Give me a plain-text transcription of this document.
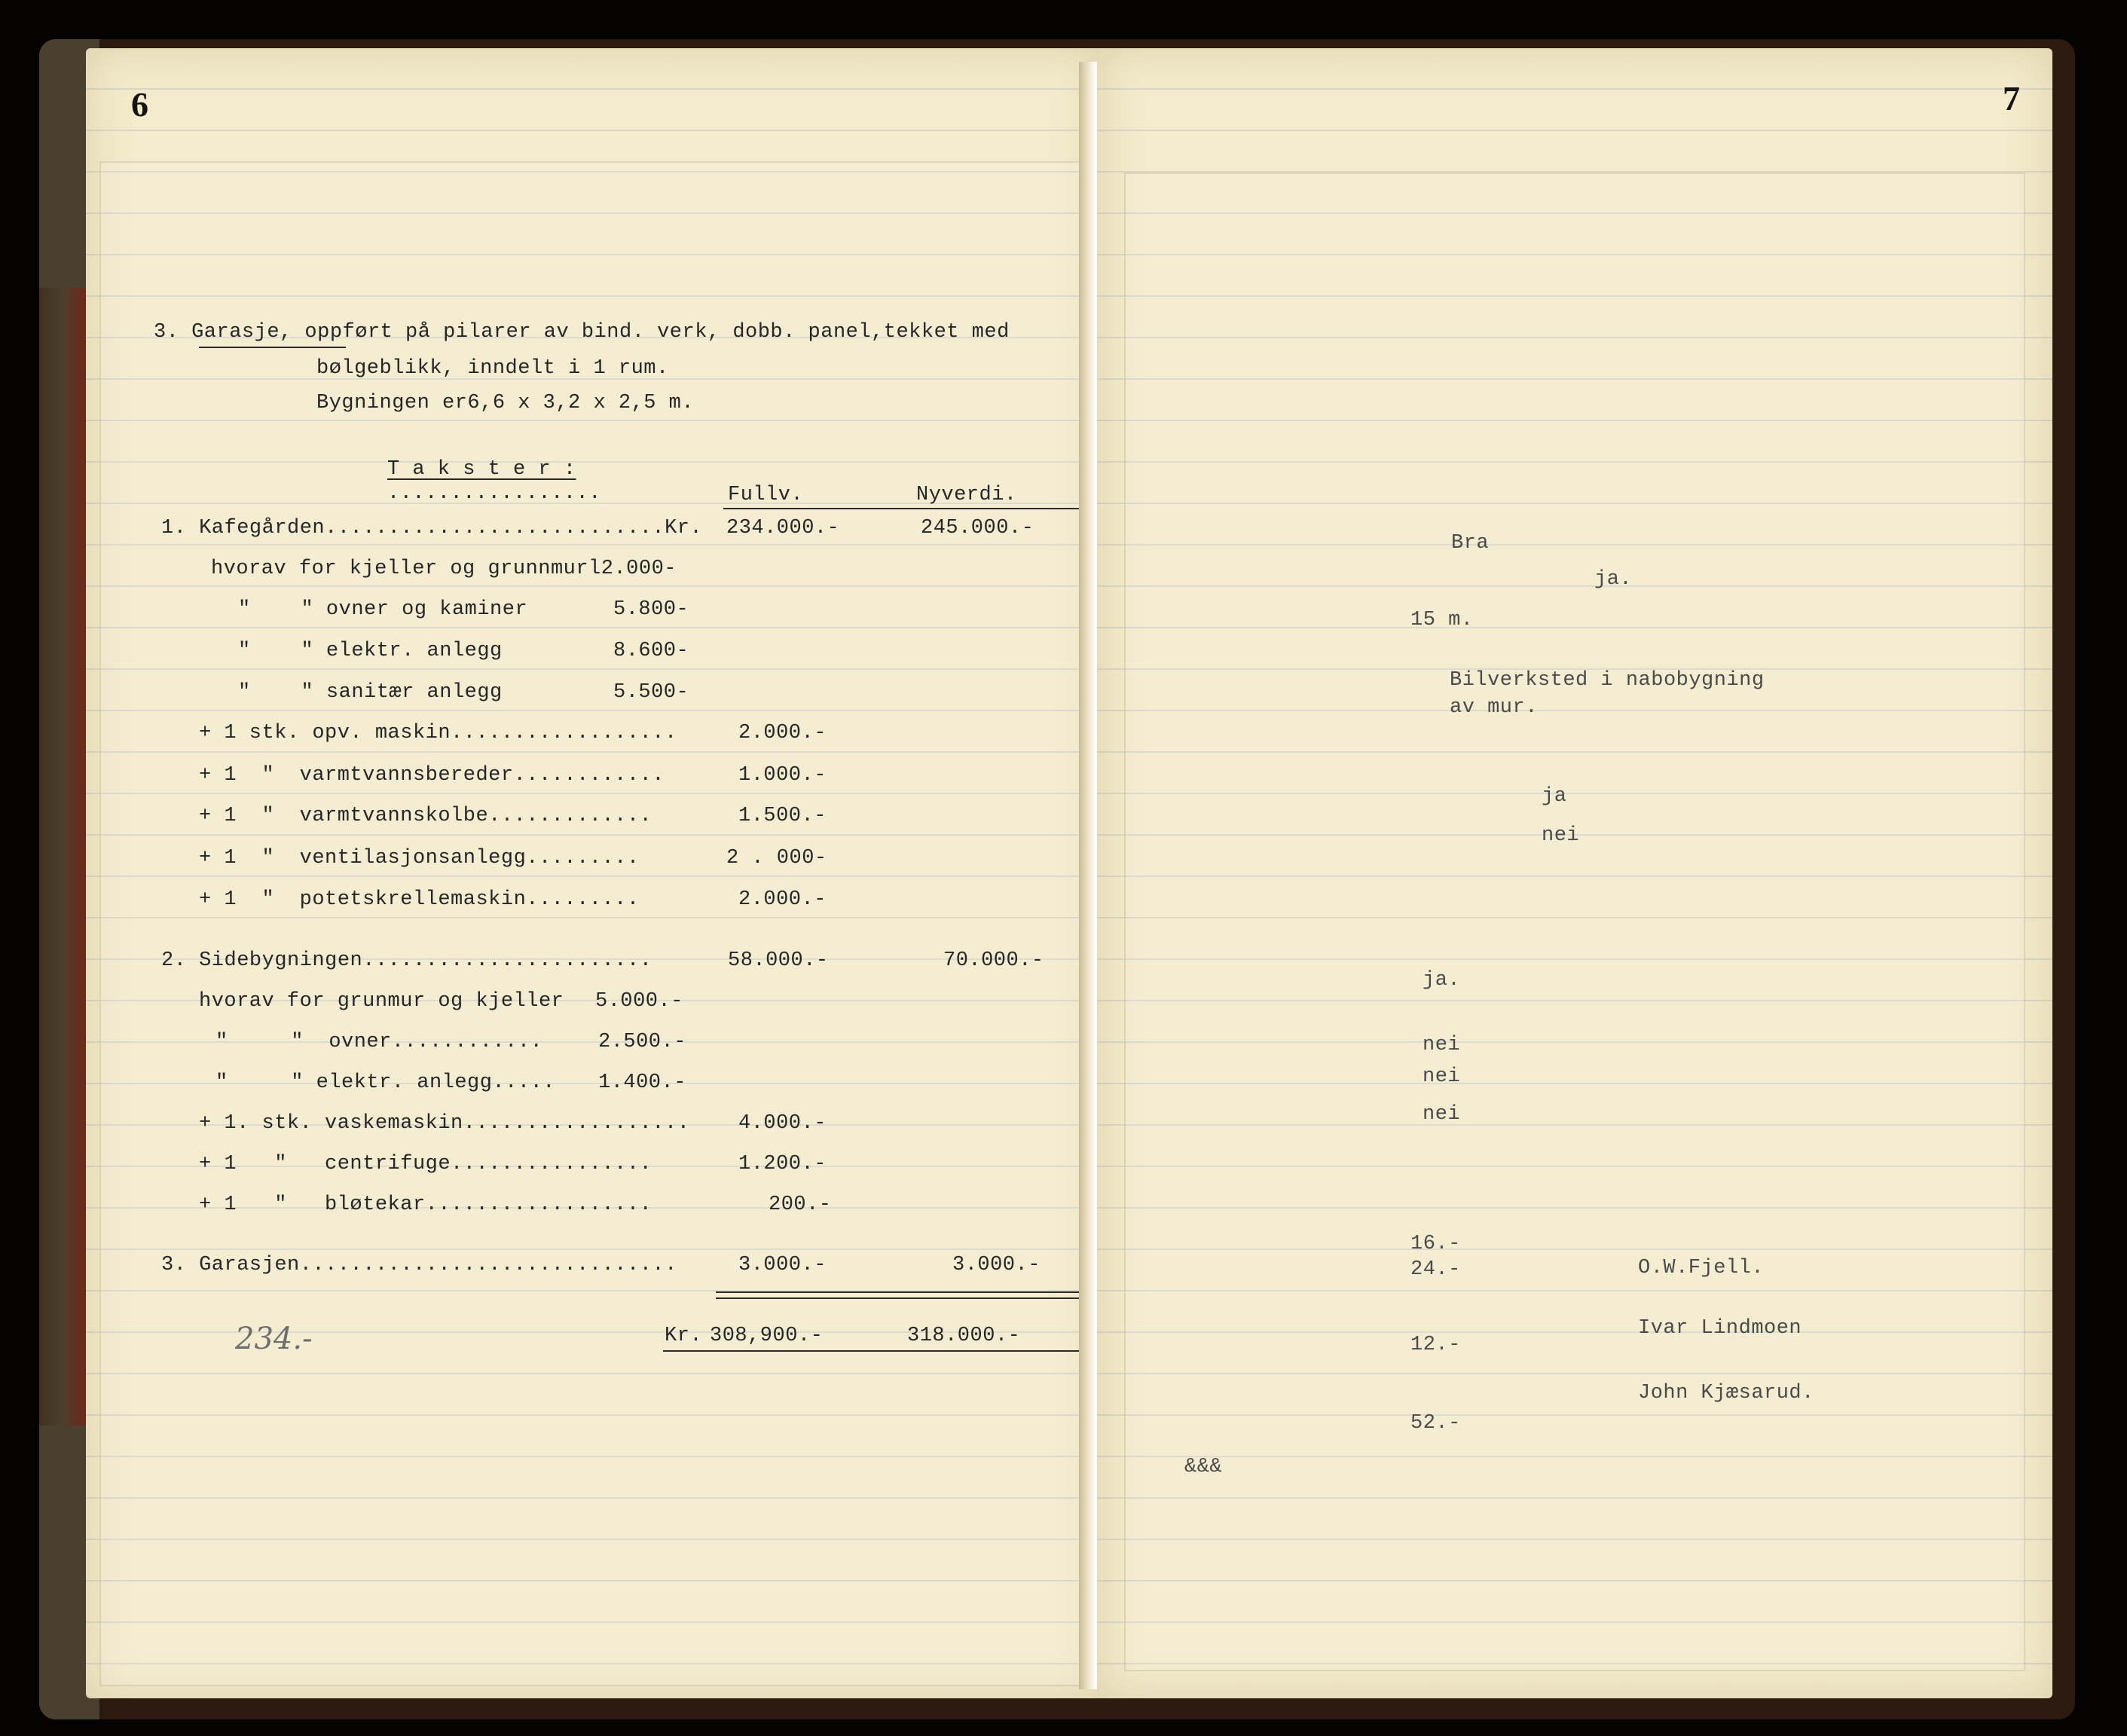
6
3. Garasje, oppført på pilarer av bind. verk, dobb. panel,tekket med
bølgeblikk, inndelt i 1 rum.
Bygningen er6,6 x 3,2 x 2,5 m.
T a k s t e r :
.................	Fullv.	Nyverdi.
1. Kafegården...........................Kr. 234.000.-	245.000.-
hvorav for kjeller og grunnmurl2.000-
"    " ovner og kaminer	5.800-
"    " elektr. anlegg	8.600-
"    " sanitær anlegg	5.500-
+ 1 stk. opv. maskin..................	2.000.-
+ 1  "  varmtvannsbereder............	1.000.-
+ 1  "  varmtvannskolbe.............	1.500.-
+ 1  "  ventilasjonsanlegg.........	2 . 000-
+ 1  "  potetskrellemaskin.........	2.000.-
2. Sidebygningen.......................	58.000.-	70.000.-
hvorav for grunmur og kjeller 5.000.-
"     "  ovner............	2.500.-
"     " elektr. anlegg..... 1.400.-
+ 1. stk. vaskemaskin.................. 4.000.-
+ 1   "   centrifuge................	1.200.-
+ 1   "   bløtekar..................	200.-
3. Garasjen..............................	3.000.-	3.000.-
234.-	Kr. 308,900.-	318.000.-
7
Bra
ja.
15 m.
Bilverksted i nabobygning
av mur.
ja
nei
ja.
nei
nei
nei
16.-
24.-
12.-
52.-
O.W.Fjell.
Ivar Lindmoen
John Kjæsarud.
&&&
